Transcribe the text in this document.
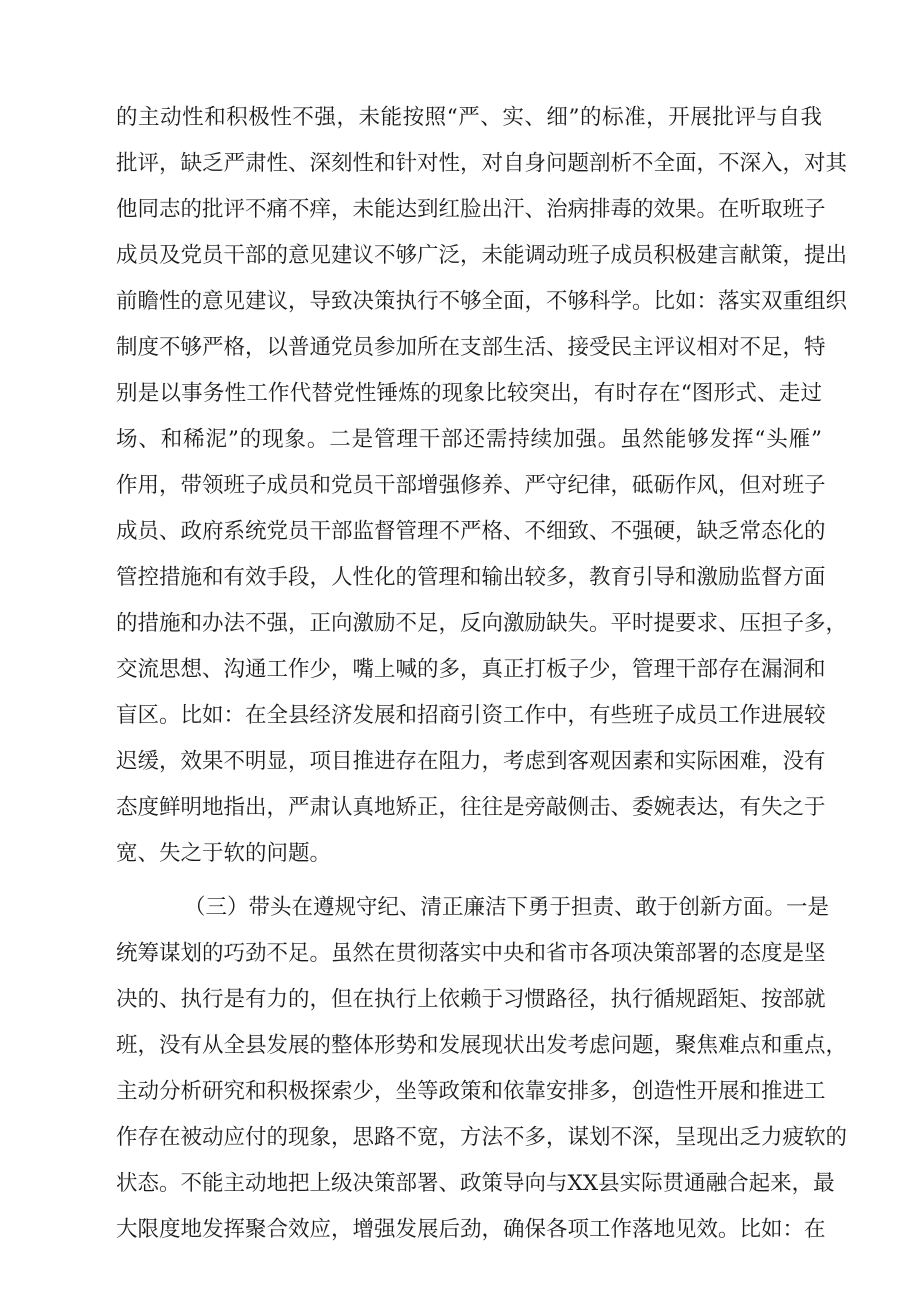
的主动性和积极性不强，未能按照“严、实、细”的标准，开展批评与自我
批评，缺乏严肃性、深刻性和针对性，对自身问题剖析不全面，不深入，对其
他同志的批评不痛不痒，未能达到红脸出汗、治病排毒的效果。在听取班子
成员及党员干部的意见建议不够广泛，未能调动班子成员积极建言献策，提出
前瞻性的意见建议，导致决策执行不够全面，不够科学。比如：落实双重组织
制度不够严格，以普通党员参加所在支部生活、接受民主评议相对不足，特
别是以事务性工作代替党性锤炼的现象比较突出，有时存在“图形式、走过
场、和稀泥”的现象。二是管理干部还需持续加强。虽然能够发挥“头雁”
作用，带领班子成员和党员干部增强修养、严守纪律，砥砺作风，但对班子
成员、政府系统党员干部监督管理不严格、不细致、不强硬，缺乏常态化的
管控措施和有效手段，人性化的管理和输出较多，教育引导和激励监督方面
的措施和办法不强，正向激励不足，反向激励缺失。平时提要求、压担子多，
交流思想、沟通工作少，嘴上喊的多，真正打板子少，管理干部存在漏洞和
盲区。比如：在全县经济发展和招商引资工作中，有些班子成员工作进展较
迟缓，效果不明显，项目推进存在阻力，考虑到客观因素和实际困难，没有
态度鲜明地指出，严肃认真地矫正，往往是旁敲侧击、委婉表达，有失之于
宽、失之于软的问题。
（三）带头在遵规守纪、清正廉洁下勇于担责、敢于创新方面。一是
统筹谋划的巧劲不足。虽然在贯彻落实中央和省市各项决策部署的态度是坚
决的、执行是有力的，但在执行上依赖于习惯路径，执行循规蹈矩、按部就
班，没有从全县发展的整体形势和发展现状出发考虑问题，聚焦难点和重点，
主动分析研究和积极探索少，坐等政策和依靠安排多，创造性开展和推进工
作存在被动应付的现象，思路不宽，方法不多，谋划不深，呈现出乏力疲软的
状态。不能主动地把上级决策部署、政策导向与XX县实际贯通融合起来，最
大限度地发挥聚合效应，增强发展后劲，确保各项工作落地见效。比如：在
